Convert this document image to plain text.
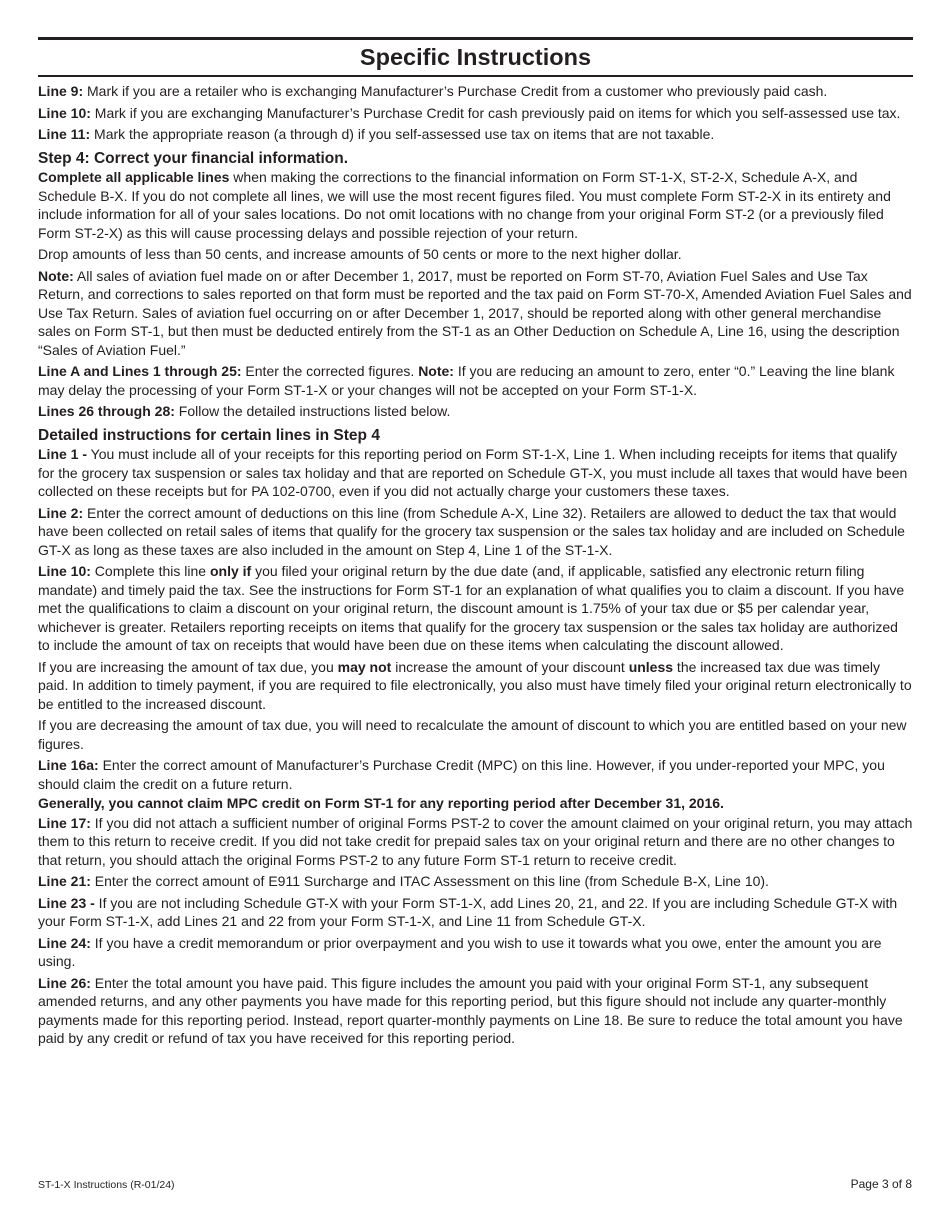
Specific Instructions

Line 9: Mark if you are a retailer who is exchanging Manufacturer’s Purchase Credit from a customer who previously paid cash.

Line 10: Mark if you are exchanging Manufacturer’s Purchase Credit for cash previously paid on items for which you self-assessed use tax.

Line 11: Mark the appropriate reason (a through d) if you self-assessed use tax on items that are not taxable.

Step 4: Correct your financial information.

Complete all applicable lines when making the corrections to the financial information on Form ST-1-X, ST-2-X, Schedule A-X, and Schedule B-X. If you do not complete all lines, we will use the most recent figures filed. You must complete Form ST-2-X in its entirety and include information for all of your sales locations. Do not omit locations with no change from your original Form ST-2 (or a previously filed Form ST-2-X) as this will cause processing delays and possible rejection of your return.

Drop amounts of less than 50 cents, and increase amounts of 50 cents or more to the next higher dollar.

Note: All sales of aviation fuel made on or after December 1, 2017, must be reported on Form ST-70, Aviation Fuel Sales and Use Tax Return, and corrections to sales reported on that form must be reported and the tax paid on Form ST-70-X, Amended Aviation Fuel Sales and Use Tax Return. Sales of aviation fuel occurring on or after December 1, 2017, should be reported along with other general merchandise sales on Form ST-1, but then must be deducted entirely from the ST-1 as an Other Deduction on Schedule A, Line 16, using the description “Sales of Aviation Fuel.”

Line A and Lines 1 through 25: Enter the corrected figures. Note: If you are reducing an amount to zero, enter “0.” Leaving the line blank may delay the processing of your Form ST-1-X or your changes will not be accepted on your Form ST-1-X.

Lines 26 through 28: Follow the detailed instructions listed below.

Detailed instructions for certain lines in Step 4

Line 1 - You must include all of your receipts for this reporting period on Form ST-1-X, Line 1. When including receipts for items that qualify for the grocery tax suspension or sales tax holiday and that are reported on Schedule GT-X, you must include all taxes that would have been collected on these receipts but for PA 102-0700, even if you did not actually charge your customers these taxes.

Line 2: Enter the correct amount of deductions on this line (from Schedule A-X, Line 32). Retailers are allowed to deduct the tax that would have been collected on retail sales of items that qualify for the grocery tax suspension or the sales tax holiday and are included on Schedule GT-X as long as these taxes are also included in the amount on Step 4, Line 1 of the ST-1-X.

Line 10: Complete this line only if you filed your original return by the due date (and, if applicable, satisfied any electronic return filing mandate) and timely paid the tax. See the instructions for Form ST-1 for an explanation of what qualifies you to claim a discount. If you have met the qualifications to claim a discount on your original return, the discount amount is 1.75% of your tax due or $5 per calendar year, whichever is greater. Retailers reporting receipts on items that qualify for the grocery tax suspension or the sales tax holiday are authorized to include the amount of tax on receipts that would have been due on these items when calculating the discount allowed.

If you are increasing the amount of tax due, you may not increase the amount of your discount unless the increased tax due was timely paid. In addition to timely payment, if you are required to file electronically, you also must have timely filed your original return electronically to be entitled to the increased discount.

If you are decreasing the amount of tax due, you will need to recalculate the amount of discount to which you are entitled based on your new figures.

Line 16a: Enter the correct amount of Manufacturer’s Purchase Credit (MPC) on this line. However, if you under-reported your MPC, you should claim the credit on a future return.

Generally, you cannot claim MPC credit on Form ST-1 for any reporting period after December 31, 2016.

Line 17: If you did not attach a sufficient number of original Forms PST-2 to cover the amount claimed on your original return, you may attach them to this return to receive credit. If you did not take credit for prepaid sales tax on your original return and there are no other changes to that return, you should attach the original Forms PST-2 to any future Form ST-1 return to receive credit.

Line 21: Enter the correct amount of E911 Surcharge and ITAC Assessment on this line (from Schedule B-X, Line 10).

Line 23 - If you are not including Schedule GT-X with your Form ST-1-X, add Lines 20, 21, and 22. If you are including Schedule GT-X with your Form ST-1-X, add Lines 21 and 22 from your Form ST-1-X, and Line 11 from Schedule GT-X.

Line 24: If you have a credit memorandum or prior overpayment and you wish to use it towards what you owe, enter the amount you are using.

Line 26: Enter the total amount you have paid. This figure includes the amount you paid with your original Form ST-1, any subsequent amended returns, and any other payments you have made for this reporting period, but this figure should not include any quarter-monthly payments made for this reporting period. Instead, report quarter-monthly payments on Line 18. Be sure to reduce the total amount you have paid by any credit or refund of tax you have received for this reporting period.

ST-1-X Instructions (R-01/24)	Page 3 of 8
